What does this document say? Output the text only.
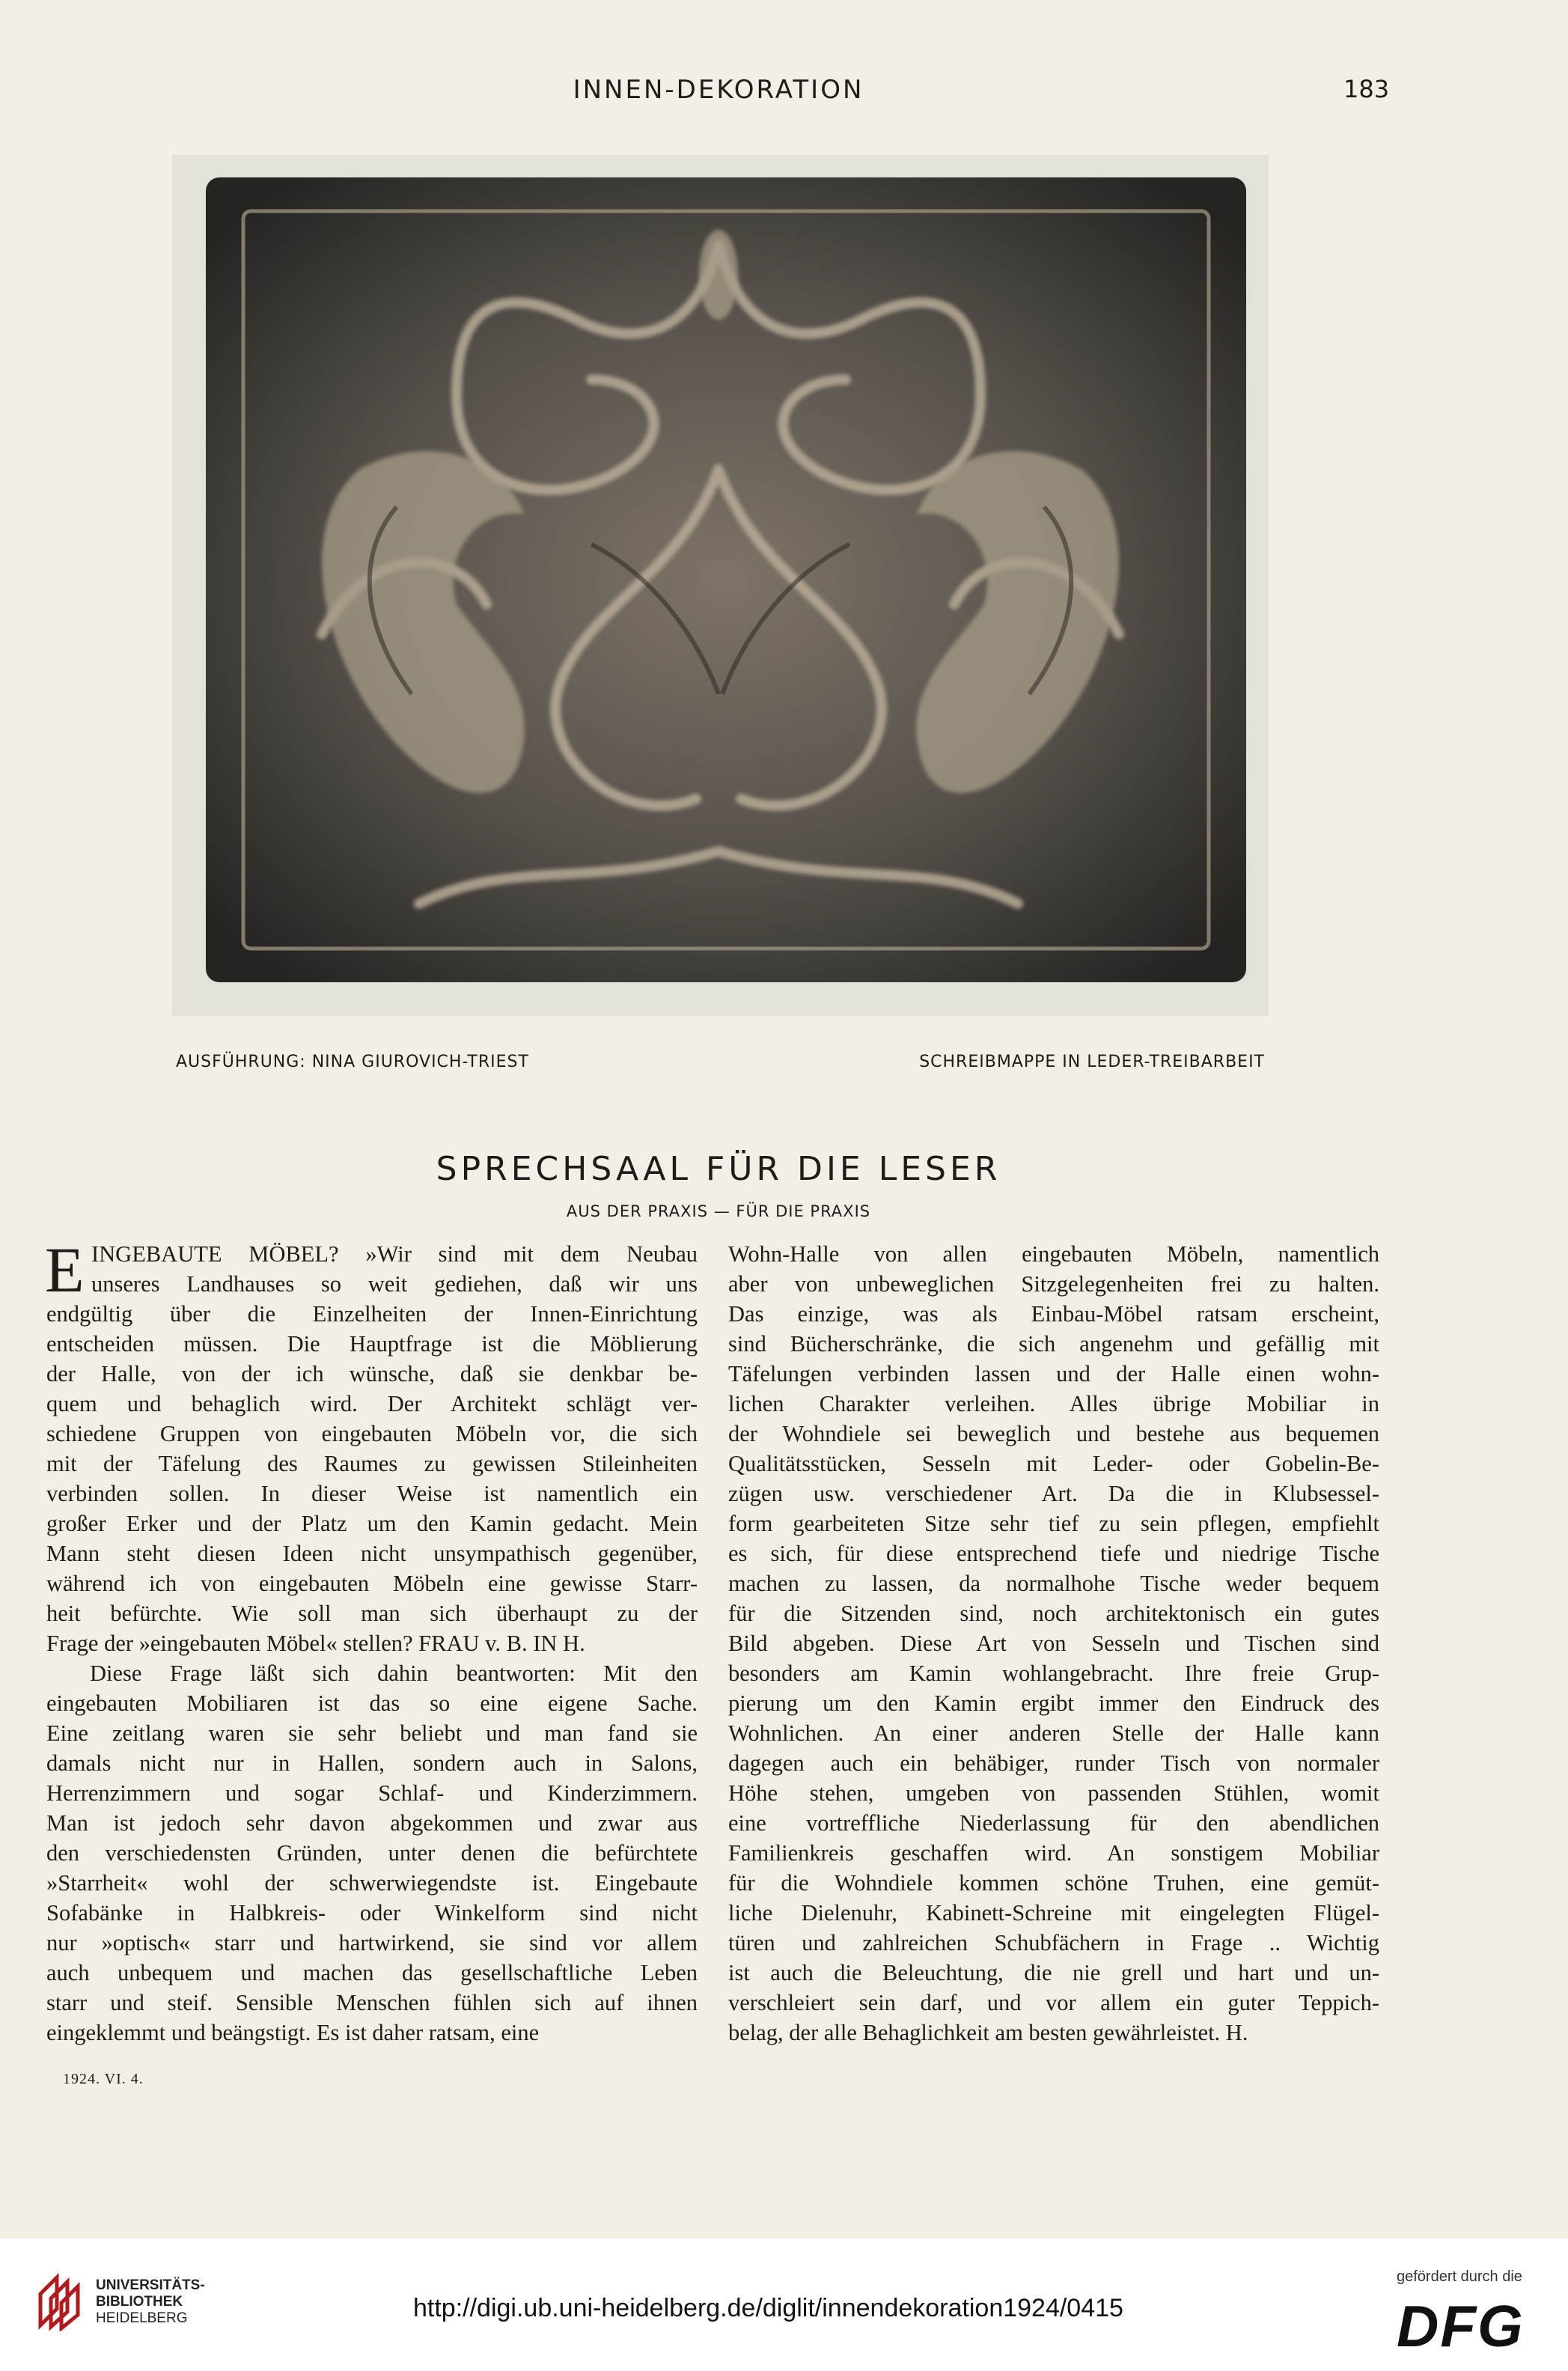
INNEN-DEKORATION	183
AUSFÜHRUNG: NINA GIUROVICH-TRIEST	SCHREIBMAPPE IN LEDER-TREIBARBEIT
SPRECHSAAL FÜR DIE LESER
AUS DER PRAXIS — FÜR DIE PRAXIS
E INGEBAUTE MÖBEL? »Wir sind mit dem Neubau
unseres Landhauses so weit gediehen, daß wir uns
endgültig über die Einzelheiten der Innen-Einrichtung
entscheiden müssen. Die Hauptfrage ist die Möblierung
der Halle, von der ich wünsche, daß sie denkbar be-
quem und behaglich wird. Der Architekt schlägt ver-
schiedene Gruppen von eingebauten Möbeln vor, die sich
mit der Täfelung des Raumes zu gewissen Stileinheiten
verbinden sollen. In dieser Weise ist namentlich ein
großer Erker und der Platz um den Kamin gedacht. Mein
Mann steht diesen Ideen nicht unsympathisch gegenüber,
während ich von eingebauten Möbeln eine gewisse Starr-
heit befürchte. Wie soll man sich überhaupt zu der
Frage der »eingebauten Möbel« stellen? FRAU v. B. IN H.
Diese Frage läßt sich dahin beantworten: Mit den
eingebauten Mobiliaren ist das so eine eigene Sache.
Eine zeitlang waren sie sehr beliebt und man fand sie
damals nicht nur in Hallen, sondern auch in Salons,
Herrenzimmern und sogar Schlaf- und Kinderzimmern.
Man ist jedoch sehr davon abgekommen und zwar aus
den verschiedensten Gründen, unter denen die befürchtete
»Starrheit« wohl der schwerwiegendste ist. Eingebaute
Sofabänke in Halbkreis- oder Winkelform sind nicht
nur »optisch« starr und hartwirkend, sie sind vor allem
auch unbequem und machen das gesellschaftliche Leben
starr und steif. Sensible Menschen fühlen sich auf ihnen
eingeklemmt und beängstigt. Es ist daher ratsam, eine
Wohn-Halle von allen eingebauten Möbeln, namentlich
aber von unbeweglichen Sitzgelegenheiten frei zu halten.
Das einzige, was als Einbau-Möbel ratsam erscheint,
sind Bücherschränke, die sich angenehm und gefällig mit
Täfelungen verbinden lassen und der Halle einen wohn-
lichen Charakter verleihen. Alles übrige Mobiliar in
der Wohndiele sei beweglich und bestehe aus bequemen
Qualitätsstücken, Sesseln mit Leder- oder Gobelin-Be-
zügen usw. verschiedener Art. Da die in Klubsessel-
form gearbeiteten Sitze sehr tief zu sein pflegen, empfiehlt
es sich, für diese entsprechend tiefe und niedrige Tische
machen zu lassen, da normalhohe Tische weder bequem
für die Sitzenden sind, noch architektonisch ein gutes
Bild abgeben. Diese Art von Sesseln und Tischen sind
besonders am Kamin wohlangebracht. Ihre freie Grup-
pierung um den Kamin ergibt immer den Eindruck des
Wohnlichen. An einer anderen Stelle der Halle kann
dagegen auch ein behäbiger, runder Tisch von normaler
Höhe stehen, umgeben von passenden Stühlen, womit
eine vortreffliche Niederlassung für den abendlichen
Familienkreis geschaffen wird. An sonstigem Mobiliar
für die Wohndiele kommen schöne Truhen, eine gemüt-
liche Dielenuhr, Kabinett-Schreine mit eingelegten Flügel-
türen und zahlreichen Schubfächern in Frage .. Wichtig
ist auch die Beleuchtung, die nie grell und hart und un-
verschleiert sein darf, und vor allem ein guter Teppich-
belag, der alle Behaglichkeit am besten gewährleistet. H.
1924. VI. 4.
UNIVERSITÄTS-
BIBLIOTHEK
HEIDELBERG	http://digi.ub.uni-heidelberg.de/diglit/innendekoration1924/0415
gefördert durch die
DFG
